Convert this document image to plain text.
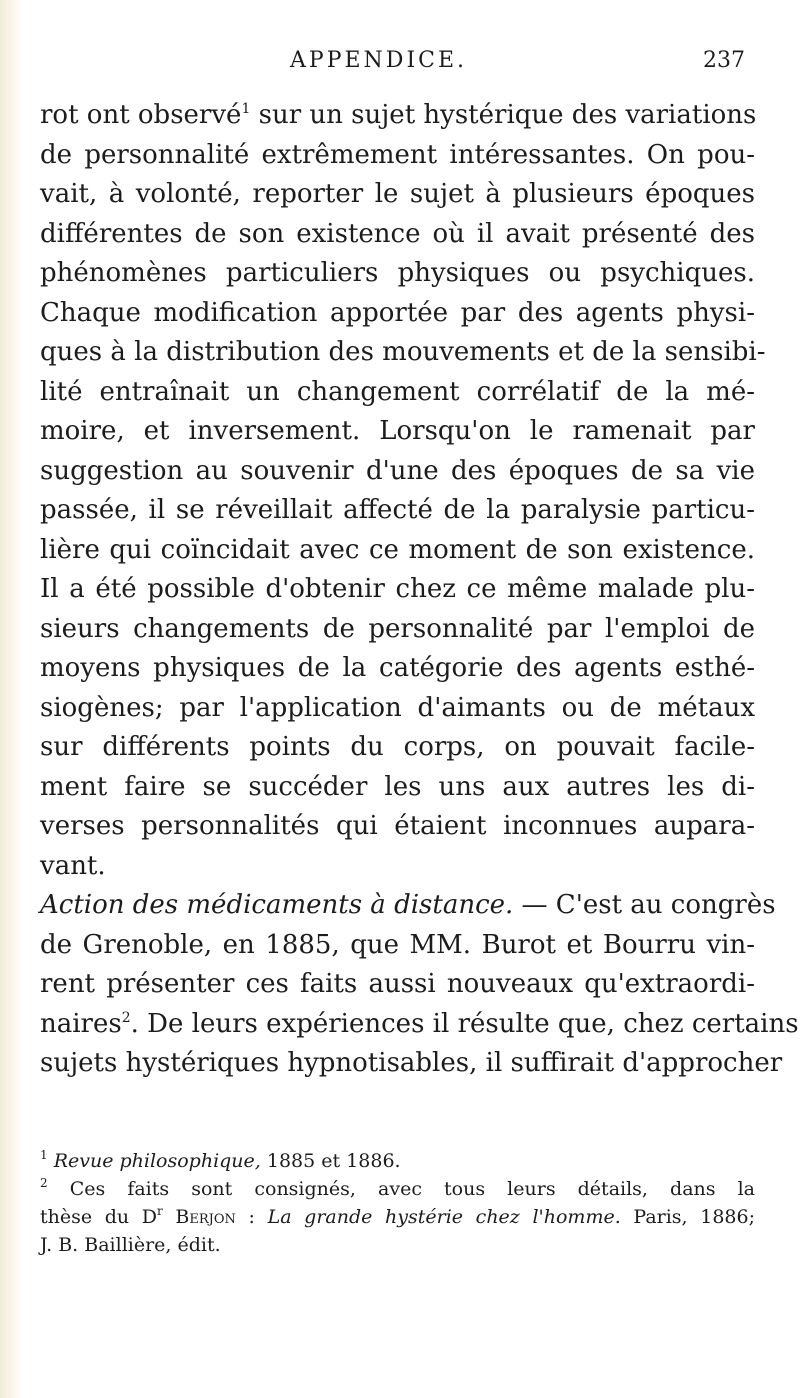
APPENDICE.	237
rot ont observé$^1$ sur un sujet hystérique des variations
de personnalité extrêmement intéressantes. On pou-
vait, à volonté, reporter le sujet à plusieurs époques
différentes de son existence où il avait présenté des
phénomènes particuliers physiques ou psychiques.
Chaque modification apportée par des agents physi-
ques à la distribution des mouvements et de la sensibi-
lité entraînait un changement corrélatif de la mé-
moire, et inversement. Lorsqu'on le ramenait par
suggestion au souvenir d'une des époques de sa vie
passée, il se réveillait affecté de la paralysie particu-
lière qui coïncidait avec ce moment de son existence.
Il a été possible d'obtenir chez ce même malade plu-
sieurs changements de personnalité par l'emploi de
moyens physiques de la catégorie des agents esthé-
siogènes; par l'application d'aimants ou de métaux
sur différents points du corps, on pouvait facile-
ment faire se succéder les uns aux autres les di-
verses personnalités qui étaient inconnues aupara-
vant.
Action des médicaments à distance. — C'est au congrès
de Grenoble, en 1885, que MM. Burot et Bourru vin-
rent présenter ces faits aussi nouveaux qu'extraordi-
naires$^2$. De leurs expériences il résulte que, chez certains
sujets hystériques hypnotisables, il suffirait d'approcher
$^1$ Revue philosophique, 1885 et 1886.
$^2$ Ces faits sont consignés, avec tous leurs détails, dans la
thèse du D$^r$ Berjon : La grande hystérie chez l'homme. Paris, 1886;
J. B. Baillière, édit.
